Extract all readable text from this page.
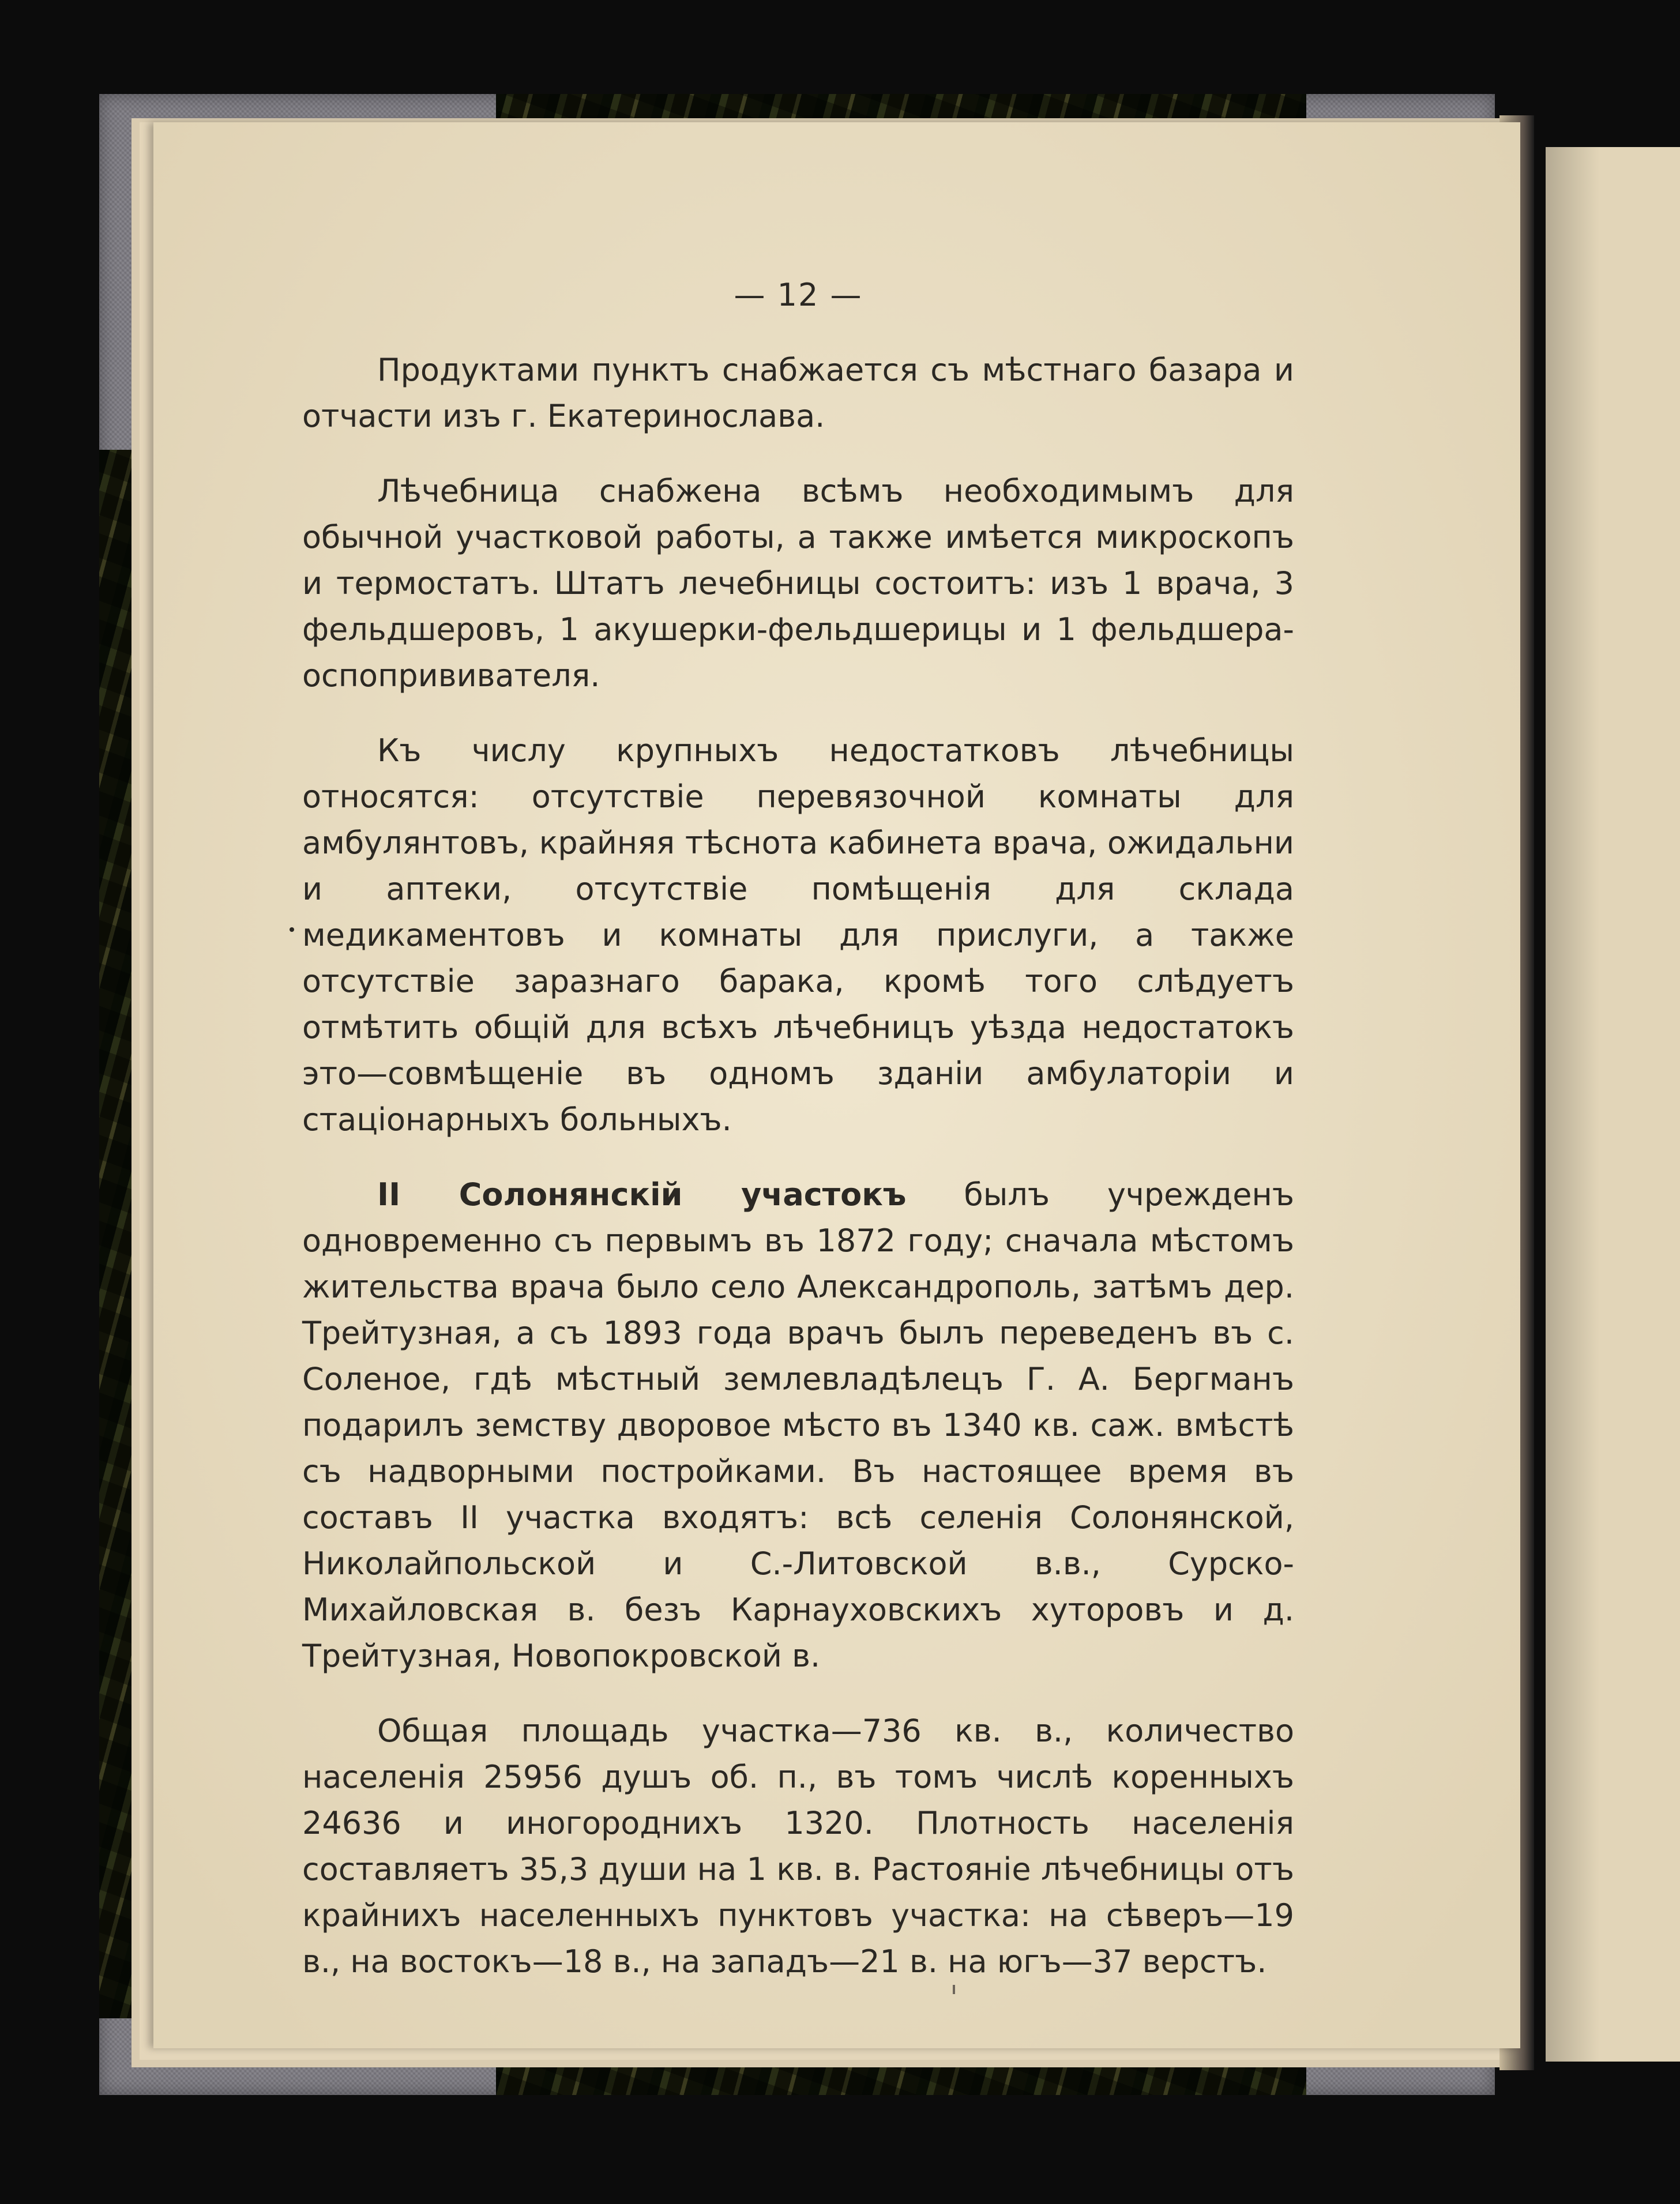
— 12 —

Продуктами пунктъ снабжается съ мѣстнаго базара и отчасти изъ г. Екатеринослава.

Лѣчебница снабжена всѣмъ необходимымъ для обычной участковой работы, а также имѣется микроскопъ и термостатъ. Штатъ лечебницы состоитъ: изъ 1 врача, 3 фельдшеровъ, 1 акушерки-фельдшерицы и 1 фельдшера-оспопрививателя.

Къ числу крупныхъ недостатковъ лѣчебницы относятся: отсутствіе перевязочной комнаты для амбулянтовъ, крайняя тѣснота кабинета врача, ожидальни и аптеки, отсутствіе помѣщенія для склада медикаментовъ и комнаты для прислуги, а также отсутствіе заразнаго барака, кромѣ того слѣдуетъ отмѣтить общій для всѣхъ лѣчебницъ уѣзда недостатокъ это—совмѣщеніе въ одномъ зданіи амбулаторіи и стаціонарныхъ больныхъ.

II Солонянскій участокъ былъ учрежденъ одновременно съ первымъ въ 1872 году; сначала мѣстомъ жительства врача было село Александрополь, затѣмъ дер. Трейтузная, а съ 1893 года врачъ былъ переведенъ въ с. Соленое, гдѣ мѣстный землевладѣлецъ Г. А. Бергманъ подарилъ земству дворовое мѣсто въ 1340 кв. саж. вмѣстѣ съ надворными постройками. Въ настоящее время въ составъ II участка входятъ: всѣ селенія Солонянской, Николайпольской и С.-Литовской в.в., Сурско-Михайловская в. безъ Карнауховскихъ хуторовъ и д. Трейтузная, Новопокровской в.

Общая площадь участка—736 кв. в., количество населенія 25956 душъ об. п., въ томъ числѣ коренныхъ 24636 и иногороднихъ 1320. Плотность населенія составляетъ 35,3 души на 1 кв. в. Растояніе лѣчебницы отъ крайнихъ населенныхъ пунктовъ участка: на сѣверъ—19 в., на востокъ—18 в., на западъ—21 в. на югъ—37 верстъ.
